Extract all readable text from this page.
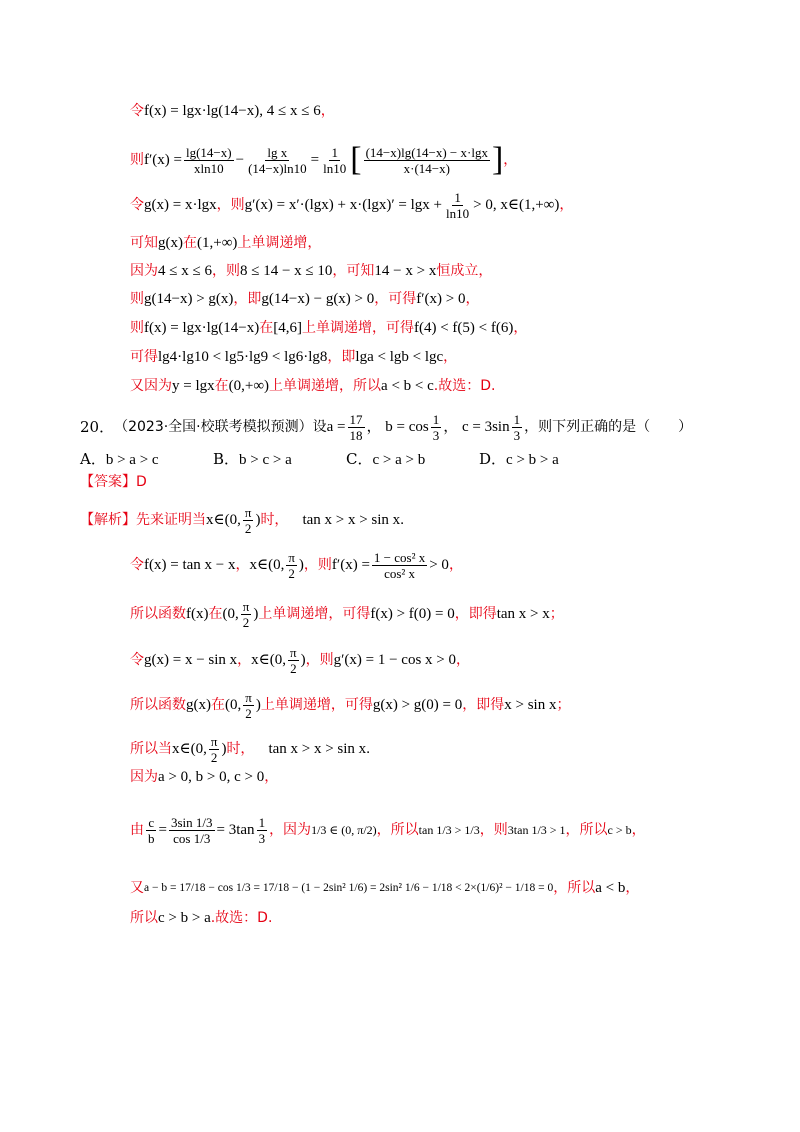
令 f(x) = lgx·lg(14−x), 4 ≤ x ≤ 6 ，
则 $f'(x) = \frac{\lg(14-x)}{xln10} - \frac{\text{lg x}}{(14-x)\ln 10} = \frac{1}{\ln 10}$ [ $\frac{(14-x)\lg(14-x) - x\cdot\lg x}{x\cdot(14-x)}$ ] ，
令 g(x) = x·lgx ，则 $g'(x) = x'\cdot(\lg x) + x\cdot(\lg x)' = \lg x + \frac{1}{\ln 10} > 0$, x∈(1,+∞) ，
可知 g(x) 在 (1,+∞) 上单调递增，
因为 4 ≤ x ≤ 6 ，则 8 ≤ 14 − x ≤ 10 ，可知 14 − x > x 恒成立，
则 g(14−x) > g(x) ，即 g(14−x) − g(x) > 0 ，可得 f′(x) > 0 ，
则 f(x) = lgx·lg(14−x) 在 [4,6] 上单调递增，可得 f(4) < f(5) < f(6) ，
可得 lg4·lg10 < lg5·lg9 < lg6·lg8 ，即 lga < lgb < lgc ，
又因为 y = lgx 在 (0,+∞) 上单调递增，所以 a < b < c .故选：D.
20． （2023·全国·校联考模拟预测）设 $a = \frac{17}{18}$ ， $b = \cos \frac{1}{3}$ ， $c = 3\sin \frac{1}{3}$ ，则下列正确的是（　　）
A．b > a > c	B．b > c > a	C．c > a > b	D．c > b > a
【答案】 D
【解析】 先来证明当 x∈(0, $\frac{\pi}{2}$ ) 时， tan x > x > sin x .
令 f(x) = tan x − x ， x∈(0, $\frac{\pi}{2}$ ) ，则 $f'(x) = \frac{\text{1 − cos² x}}{\text{cos² x}} > 0$ ，
所以函数 f(x) 在 (0, $\frac{\pi}{2}$ ) 上单调递增，可得 f(x) > f(0) = 0 ，即得 tan x > x ；
令 g(x) = x − sin x ， x∈(0, $\frac{\pi}{2}$ ) ，则 g′(x) = 1 − cos x > 0 ，
所以函数 g(x) 在 (0, $\frac{\pi}{2}$ ) 上单调递增，可得 g(x) > g(0) = 0 ，即得 x > sin x ；
所以当 x∈(0, $\frac{\pi}{2}$ ) 时， tan x > x > sin x .
因为 a > 0, b > 0, c > 0 ，
由 $\frac{c}{b} = \frac{3\sin 1/3}{\cos 1/3} = 3\tan \frac{1}{3}$ ，因为 1/3 ∈ (0, π/2) ，所以 tan 1/3 > 1/3 ，则 3tan 1/3 > 1 ，所以 c > b ，
又 a − b = 17/18 − cos 1/3 = 17/18 − (1 − 2sin² 1/6) = 2sin² 1/6 − 1/18 < 2×(1/6)² − 1/18 = 0 ，所以 a < b ，
所以 c > b > a .故选：D.
